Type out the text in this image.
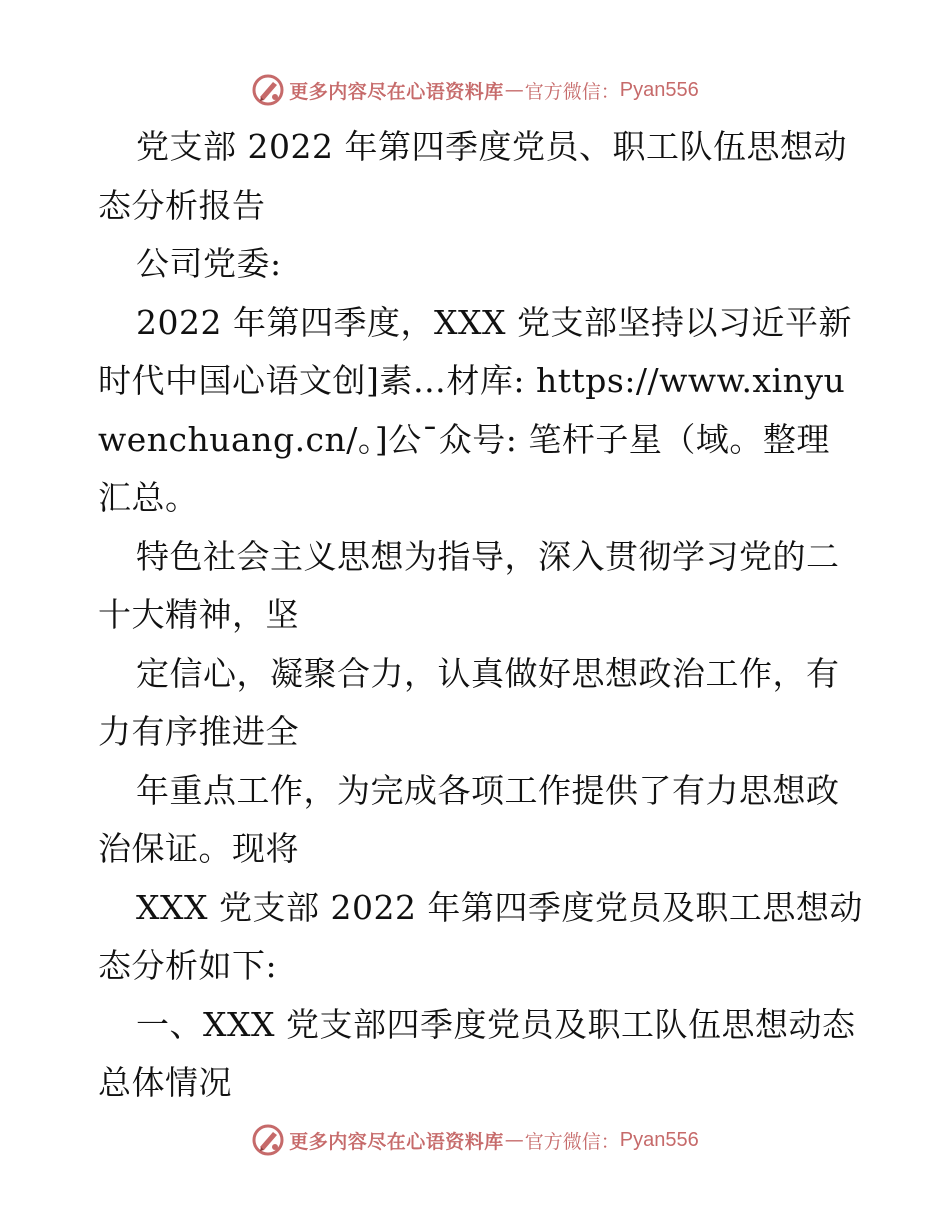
更多内容尽在心语资料库 — 官方微信： Pyan556
党支部 2022 年第四季度党员、职工队伍思想动
态分析报告
公司党委:
2022 年第四季度，XXX 党支部坚持以习近平新
时代中国心语文创]素…材库: https://www.xinyu
wenchuang.cn/。]公¯众号: 笔杆子星（域。整理
汇总。
特色社会主义思想为指导，深入贯彻学习党的二
十大精神，坚
定信心，凝聚合力，认真做好思想政治工作，有
力有序推进全
年重点工作，为完成各项工作提供了有力思想政
治保证。现将
XXX 党支部 2022 年第四季度党员及职工思想动
态分析如下:
一、XXX 党支部四季度党员及职工队伍思想动态
总体情况
更多内容尽在心语资料库 — 官方微信： Pyan556
